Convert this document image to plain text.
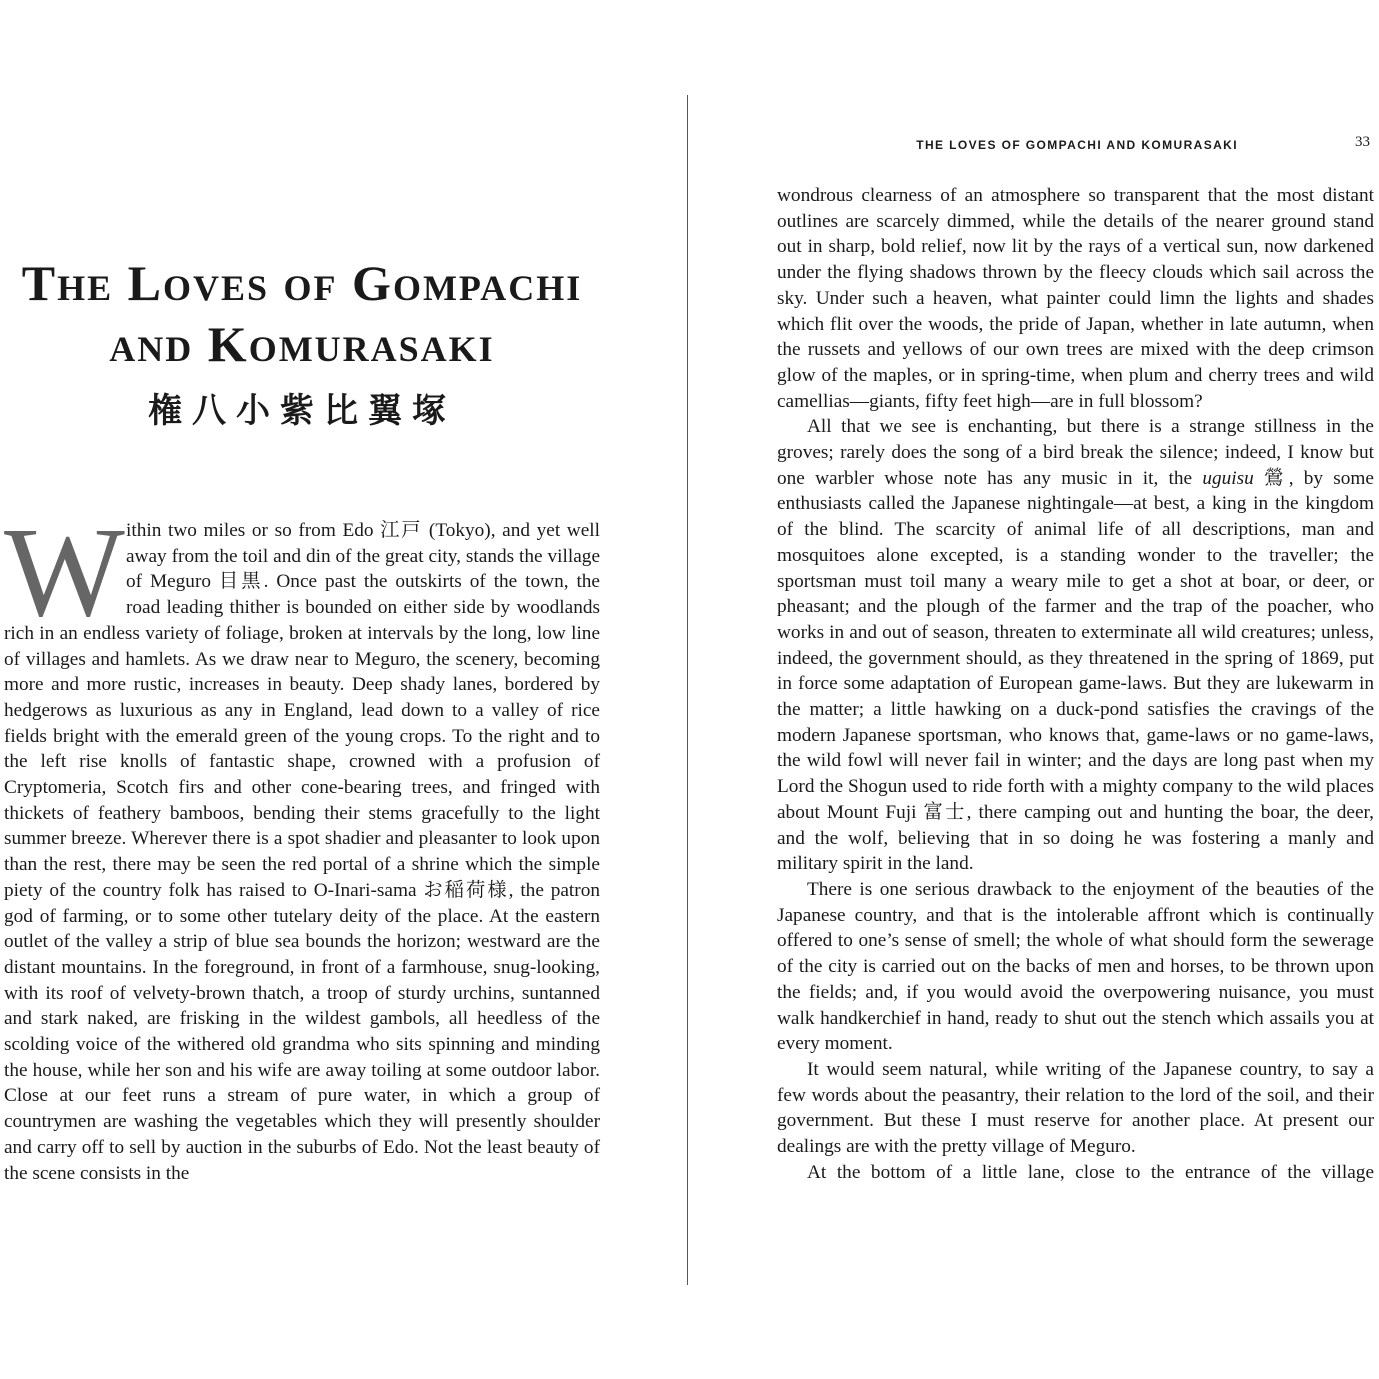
THE LOVES OF GOMPACHI
AND KOMURASAKI
権八小紫比翼塚

Within two miles or so from Edo 江戸 (Tokyo), and yet well away from the toil and din of the great city, stands the village of Meguro 目黒. Once past the outskirts of the town, the road leading thither is bounded on either side by woodlands rich in an endless variety of foliage, broken at intervals by the long, low line of villages and hamlets. As we draw near to Meguro, the scenery, becoming more and more rustic, increases in beauty. Deep shady lanes, bordered by hedgerows as luxurious as any in England, lead down to a valley of rice fields bright with the emerald green of the young crops. To the right and to the left rise knolls of fantastic shape, crowned with a profusion of Cryptomeria, Scotch firs and other cone-bearing trees, and fringed with thickets of feathery bamboos, bending their stems gracefully to the light summer breeze. Wherever there is a spot shadier and pleasanter to look upon than the rest, there may be seen the red portal of a shrine which the simple piety of the country folk has raised to O-Inari-sama お稲荷様, the patron god of farming, or to some other tutelary deity of the place. At the eastern outlet of the valley a strip of blue sea bounds the horizon; westward are the distant mountains. In the foreground, in front of a farmhouse, snug-looking, with its roof of velvety-brown thatch, a troop of sturdy urchins, suntanned and stark naked, are frisking in the wildest gambols, all heedless of the scolding voice of the withered old grandma who sits spinning and minding the house, while her son and his wife are away toiling at some outdoor labor. Close at our feet runs a stream of pure water, in which a group of countrymen are washing the vegetables which they will presently shoulder and carry off to sell by auction in the suburbs of Edo. Not the least beauty of the scene consists in the

THE LOVES OF GOMPACHI AND KOMURASAKI	33

wondrous clearness of an atmosphere so transparent that the most distant outlines are scarcely dimmed, while the details of the nearer ground stand out in sharp, bold relief, now lit by the rays of a vertical sun, now darkened under the flying shadows thrown by the fleecy clouds which sail across the sky. Under such a heaven, what painter could limn the lights and shades which flit over the woods, the pride of Japan, whether in late autumn, when the russets and yellows of our own trees are mixed with the deep crimson glow of the maples, or in spring-time, when plum and cherry trees and wild camellias—giants, fifty feet high—are in full blossom?

All that we see is enchanting, but there is a strange stillness in the groves; rarely does the song of a bird break the silence; indeed, I know but one warbler whose note has any music in it, the uguisu 鶯, by some enthusiasts called the Japanese nightingale—at best, a king in the kingdom of the blind. The scarcity of animal life of all descriptions, man and mosquitoes alone excepted, is a standing wonder to the traveller; the sportsman must toil many a weary mile to get a shot at boar, or deer, or pheasant; and the plough of the farmer and the trap of the poacher, who works in and out of season, threaten to exterminate all wild creatures; unless, indeed, the government should, as they threatened in the spring of 1869, put in force some adaptation of European game-laws. But they are lukewarm in the matter; a little hawking on a duck-pond satisfies the cravings of the modern Japanese sportsman, who knows that, game-laws or no game-laws, the wild fowl will never fail in winter; and the days are long past when my Lord the Shogun used to ride forth with a mighty company to the wild places about Mount Fuji 富士, there camping out and hunting the boar, the deer, and the wolf, believing that in so doing he was fostering a manly and military spirit in the land.

There is one serious drawback to the enjoyment of the beauties of the Japanese country, and that is the intolerable affront which is continually offered to one’s sense of smell; the whole of what should form the sewerage of the city is carried out on the backs of men and horses, to be thrown upon the fields; and, if you would avoid the overpowering nuisance, you must walk handkerchief in hand, ready to shut out the stench which assails you at every moment.

It would seem natural, while writing of the Japanese country, to say a few words about the peasantry, their relation to the lord of the soil, and their government. But these I must reserve for another place. At present our dealings are with the pretty village of Meguro.

At the bottom of a little lane, close to the entrance of the village
